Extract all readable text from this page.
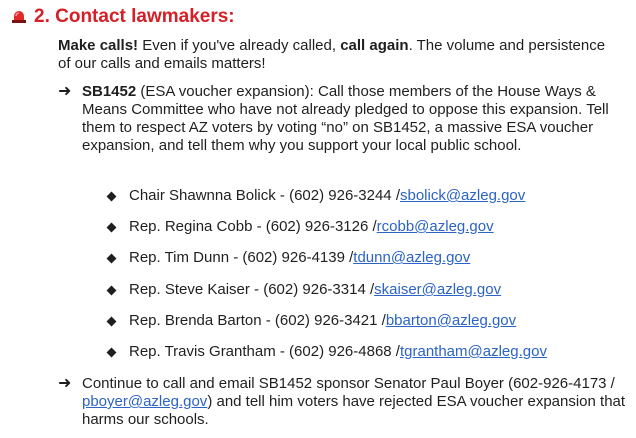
2. Contact lawmakers:
Make calls! Even if you've already called, call again. The volume and persistence of our calls and emails matters!
➜ SB1452 (ESA voucher expansion): Call those members of the House Ways & Means Committee who have not already pledged to oppose this expansion. Tell them to respect AZ voters by voting “no” on SB1452, a massive ESA voucher expansion, and tell them why you support your local public school.
Chair Shawnna Bolick - (602) 926-3244 / sbolick@azleg.gov
Rep. Regina Cobb - (602) 926-3126 / rcobb@azleg.gov
Rep. Tim Dunn - (602) 926-4139 / tdunn@azleg.gov
Rep. Steve Kaiser - (602) 926-3314 / skaiser@azleg.gov
Rep. Brenda Barton - (602) 926-3421 / bbarton@azleg.gov
Rep. Travis Grantham - (602) 926-4868 / tgrantham@azleg.gov
➜ Continue to call and email SB1452 sponsor Senator Paul Boyer (602-926-4173 / pboyer@azleg.gov) and tell him voters have rejected ESA voucher expansion that harms our schools.
